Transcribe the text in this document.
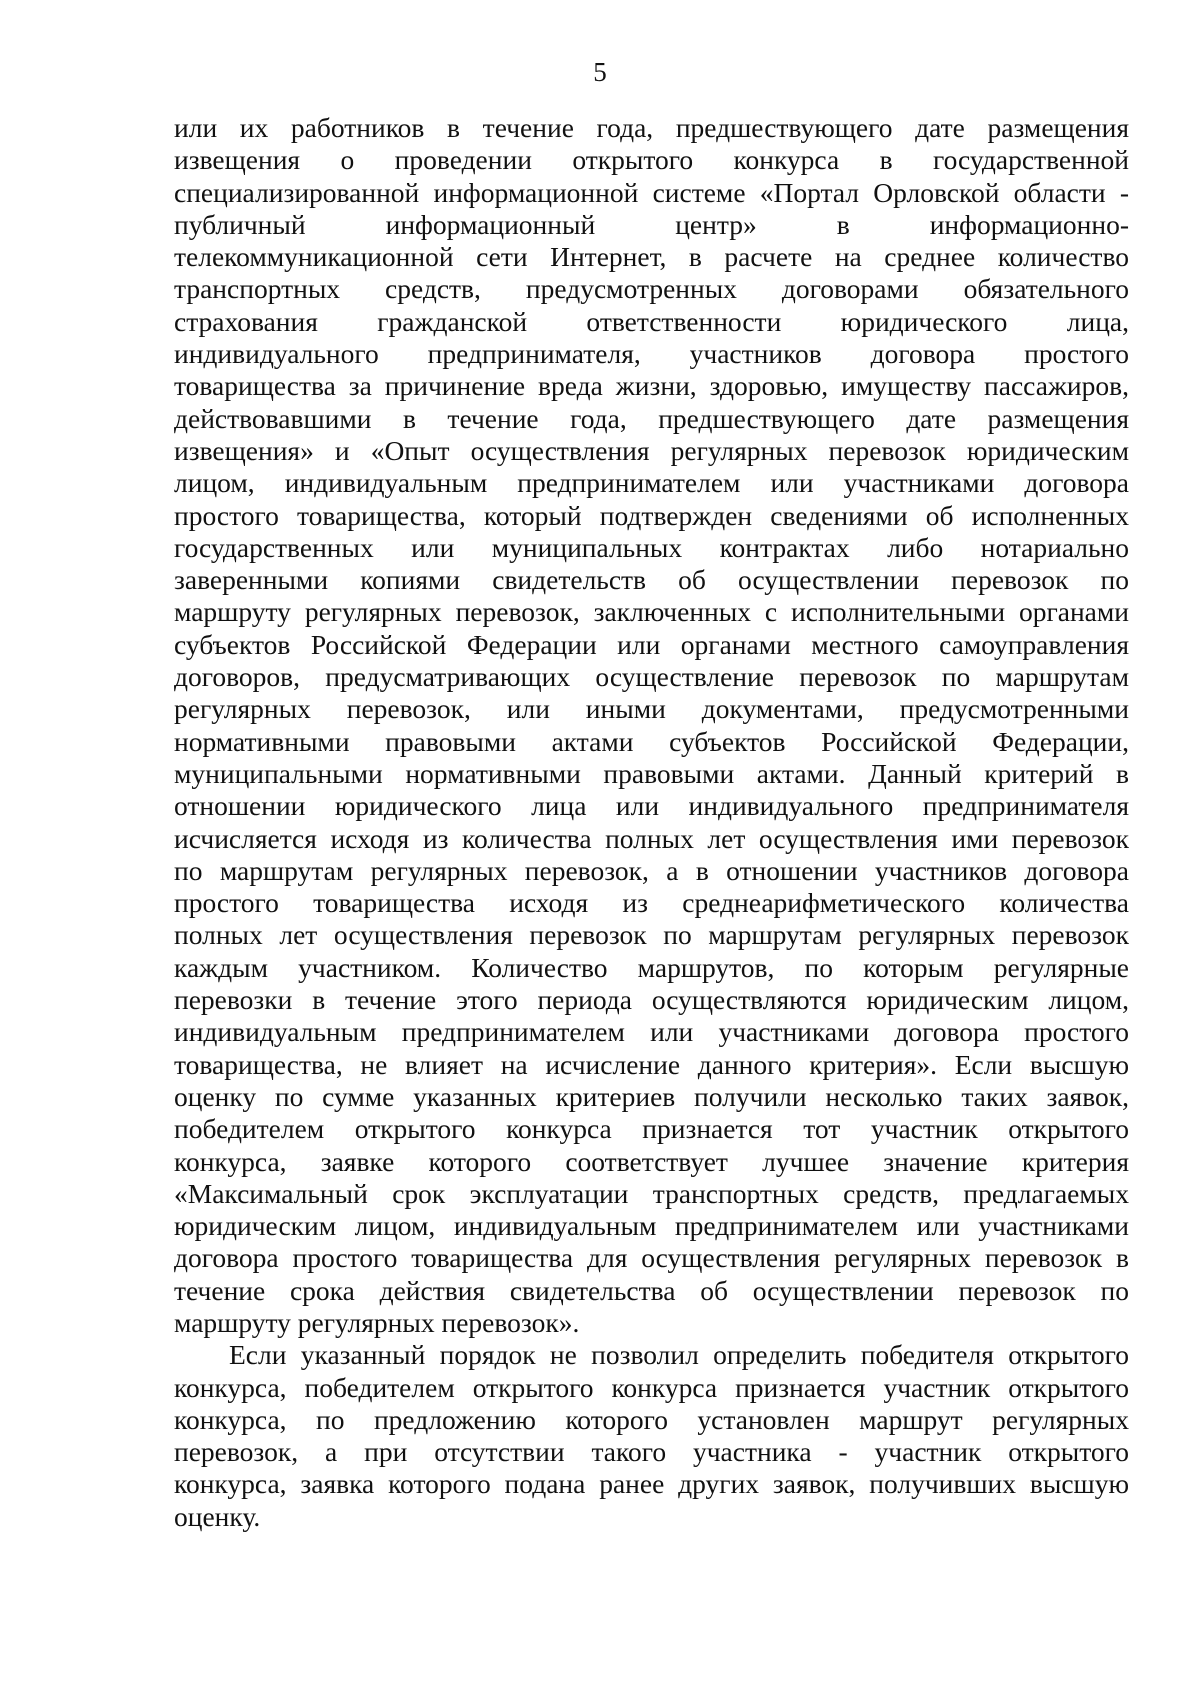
5
или их работников в течение года, предшествующего дате размещения
извещения о проведении открытого конкурса в государственной
специализированной информационной системе «Портал Орловской области -
публичный информационный центр» в информационно-
телекоммуникационной сети Интернет, в расчете на среднее количество
транспортных средств, предусмотренных договорами обязательного
страхования гражданской ответственности юридического лица,
индивидуального предпринимателя, участников договора простого
товарищества за причинение вреда жизни, здоровью, имуществу пассажиров,
действовавшими в течение года, предшествующего дате размещения
извещения» и «Опыт осуществления регулярных перевозок юридическим
лицом, индивидуальным предпринимателем или участниками договора
простого товарищества, который подтвержден сведениями об исполненных
государственных или муниципальных контрактах либо нотариально
заверенными копиями свидетельств об осуществлении перевозок по
маршруту регулярных перевозок, заключенных с исполнительными органами
субъектов Российской Федерации или органами местного самоуправления
договоров, предусматривающих осуществление перевозок по маршрутам
регулярных перевозок, или иными документами, предусмотренными
нормативными правовыми актами субъектов Российской Федерации,
муниципальными нормативными правовыми актами. Данный критерий в
отношении юридического лица или индивидуального предпринимателя
исчисляется исходя из количества полных лет осуществления ими перевозок
по маршрутам регулярных перевозок, а в отношении участников договора
простого товарищества исходя из среднеарифметического количества
полных лет осуществления перевозок по маршрутам регулярных перевозок
каждым участником. Количество маршрутов, по которым регулярные
перевозки в течение этого периода осуществляются юридическим лицом,
индивидуальным предпринимателем или участниками договора простого
товарищества, не влияет на исчисление данного критерия». Если высшую
оценку по сумме указанных критериев получили несколько таких заявок,
победителем открытого конкурса признается тот участник открытого
конкурса, заявке которого соответствует лучшее значение критерия
«Максимальный срок эксплуатации транспортных средств, предлагаемых
юридическим лицом, индивидуальным предпринимателем или участниками
договора простого товарищества для осуществления регулярных перевозок в
течение срока действия свидетельства об осуществлении перевозок по
маршруту регулярных перевозок».
Если указанный порядок не позволил определить победителя открытого
конкурса, победителем открытого конкурса признается участник открытого
конкурса, по предложению которого установлен маршрут регулярных
перевозок, а при отсутствии такого участника - участник открытого
конкурса, заявка которого подана ранее других заявок, получивших высшую
оценку.
